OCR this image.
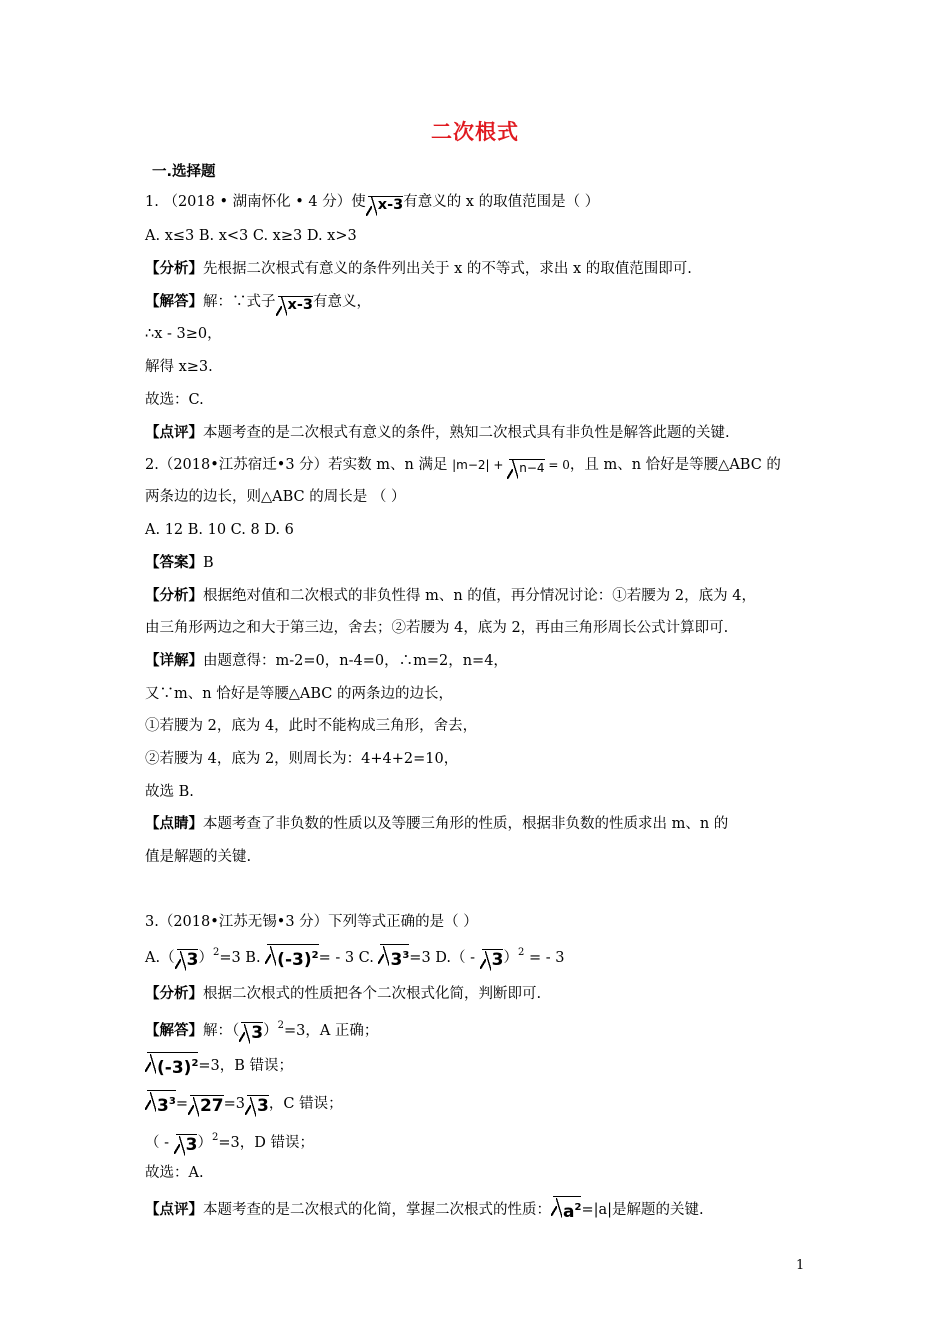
二次根式
一.选择题
1. （2018 • 湖南怀化 • 4 分）使 x-3有意义的 x 的取值范围是（ ）
A. x≤3 B. x<3 C. x≥3 D. x>3
【分析】先根据二次根式有意义的条件列出关于 x 的不等式，求出 x 的取值范围即可.
【解答】解：∵式子 x-3有意义，
∴x - 3≥0，
解得 x≥3.
故选：C.
【点评】本题考查的是二次根式有意义的条件，熟知二次根式具有非负性是解答此题的关键.
2.（2018•江苏宿迁•3 分）若实数 m、n 满足 |m−2| + n−4 = 0，且 m、n 恰好是等腰△ABC 的
两条边的边长，则△ABC 的周长是 （ ）
A. 12 B. 10 C. 8 D. 6
【答案】B
【分析】根据绝对值和二次根式的非负性得 m、n 的值，再分情况讨论：①若腰为 2，底为 4，
由三角形两边之和大于第三边，舍去；②若腰为 4，底为 2，再由三角形周长公式计算即可.
【详解】由题意得：m-2=0，n-4=0，∴m=2，n=4，
又∵m、n 恰好是等腰△ABC 的两条边的边长，
①若腰为 2，底为 4，此时不能构成三角形，舍去，
②若腰为 4，底为 2，则周长为：4+4+2=10，
故选 B.
【点睛】本题考查了非负数的性质以及等腰三角形的性质，根据非负数的性质求出 m、n 的
值是解题的关键.
3.（2018•江苏无锡•3 分）下列等式正确的是（ ）
A.（ 3）$^2$=3 B. $(-3)^2= - 3$ C. $3^3=3$ D.（ - 3）$^2$ = - 3
【分析】根据二次根式的性质把各个二次根式化简，判断即可.
【解答】解：（ 3）$^2$=3，A 正确；
$(-3)^2=3$，B 错误；
$3^3= 27=3$ 3，C 错误；
（ - 3）$^2$=3，D 错误；
故选：A.
【点评】本题考查的是二次根式的化简，掌握二次根式的性质： $a^2=|a|$是解题的关键.
1
